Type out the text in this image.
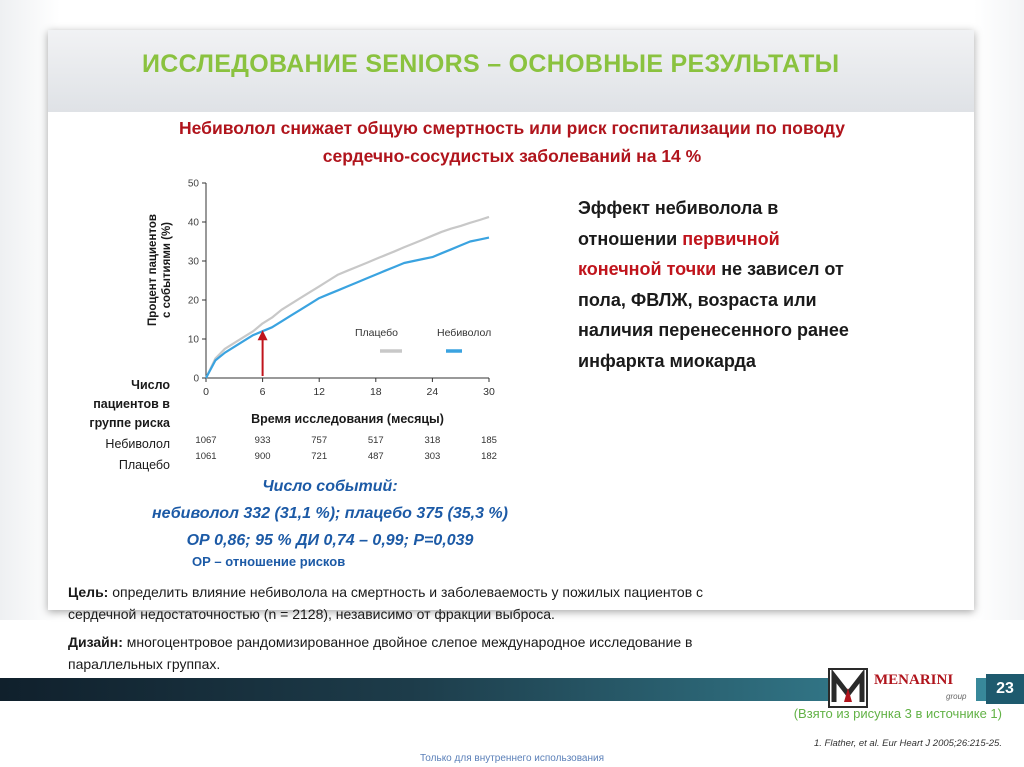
ИССЛЕДОВАНИЕ SENIORS – ОСНОВНЫЕ РЕЗУЛЬТАТЫ
Небиволол снижает общую смертность или риск госпитализации по поводу
сердечно-сосудистых заболеваний на 14 %
Процент пациентов с событиями (%)
0
10
20
30
40
50
0	6	12	18	24	30
Время исследования (месяцы)
Плацебо	Небиволол
1067	933	757	517	318	185
1061	900	721	487	303	182
Число
пациентов в
группе риска
Небиволол
Плацебо
Эффект небиволола в
отношении первичной
конечной точки не зависел от
пола, ФВЛЖ, возраста или
наличия перенесенного ранее
инфаркта миокарда
Число событий:
небиволол 332 (31,1 %); плацебо 375 (35,3 %)
ОР 0,86; 95 % ДИ 0,74 – 0,99; P=0,039
ОР – отношение рисков
Цель: определить влияние небиволола на смертность и заболеваемость у пожилых пациентов с
сердечной недостаточностью (n = 2128), независимо от фракции выброса.
Дизайн: многоцентровое рандомизированное двойное слепое международное исследование в
параллельных группах.
MENARINI
group	23
(Взято из рисунка 3 в источнике 1)
1. Flather, et al. Eur Heart J 2005;26:215-25.
Только для внутреннего использования
